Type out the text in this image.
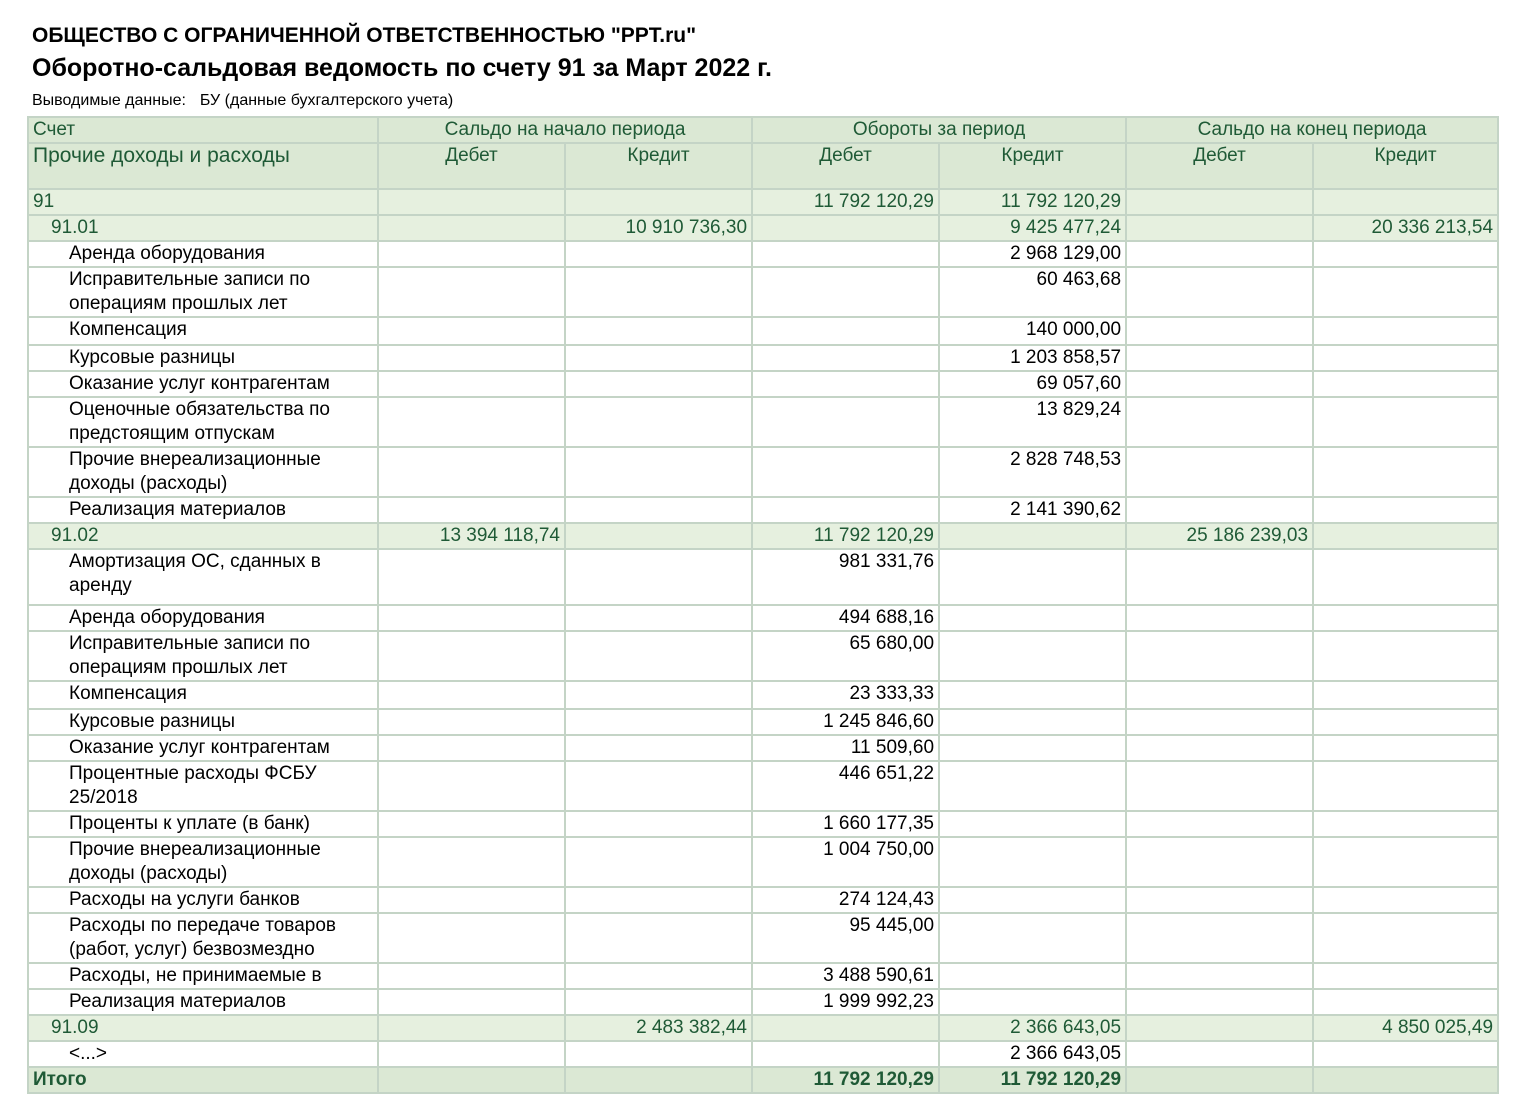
ОБЩЕСТВО С ОГРАНИЧЕННОЙ ОТВЕТСТВЕННОСТЬЮ "PPT.ru"
Оборотно-сальдовая ведомость по счету 91 за Март 2022 г.
Выводимые данные: БУ (данные бухгалтерского учета)
Счет	Сальдо на начало периода		Обороты за период		Сальдо на конец периода	
Прочие доходы и расходы	Дебет	Кредит	Дебет	Кредит	Дебет	Кредит
91			11 792 120,29	11 792 120,29		
91.01		10 910 736,30		9 425 477,24		20 336 213,54
Аренда оборудования				2 968 129,00		
Исправительные записи по операциям прошлых лет				60 463,68		
Компенсация				140 000,00		
Курсовые разницы				1 203 858,57		
Оказание услуг контрагентам				69 057,60		
Оценочные обязательства по предстоящим отпускам				13 829,24		
Прочие внереализационные доходы (расходы)				2 828 748,53		
Реализация материалов				2 141 390,62		
91.02	13 394 118,74		11 792 120,29		25 186 239,03	
Амортизация ОС, сданных в аренду			981 331,76			
Аренда оборудования			494 688,16			
Исправительные записи по операциям прошлых лет			65 680,00			
Компенсация			23 333,33			
Курсовые разницы			1 245 846,60			
Оказание услуг контрагентам			11 509,60			
Процентные расходы ФСБУ 25/2018			446 651,22			
Проценты к уплате (в банк)			1 660 177,35			
Прочие внереализационные доходы (расходы)			1 004 750,00			
Расходы на услуги банков			274 124,43			
Расходы по передаче товаров (работ, услуг) безвозмездно			95 445,00			
Расходы, не принимаемые в			3 488 590,61			
Реализация материалов			1 999 992,23			
91.09		2 483 382,44		2 366 643,05		4 850 025,49
<...>				2 366 643,05		
Итого			11 792 120,29	11 792 120,29		
